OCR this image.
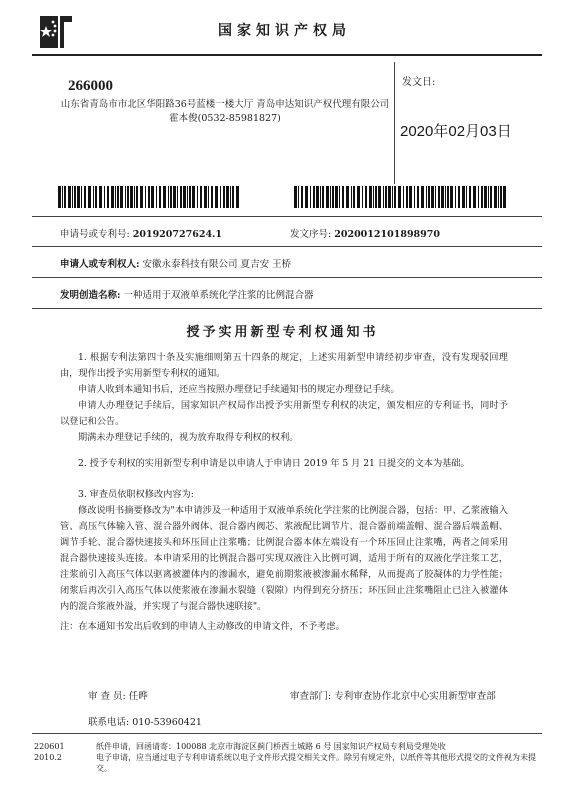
国家知识产权局
266000
山东省青岛市市北区华阳路36号蓝楼一楼大厅 青岛申达知识产权代理有限公司
霍本俊(0532-85981827)
发文日:
2020年02月03日
申请号或专利号: 201920727624.1	发文序号: 2020012101898970
申请人或专利权人: 安徽永泰科技有限公司 夏吉安 王桥
发明创造名称: 一种适用于双液单系统化学注浆的比例混合器
授予实用新型专利权通知书

1. 根据专利法第四十条及实施细则第五十四条的规定，上述实用新型申请经初步审查，没有发现驳回理由，现作出授予实用新型专利权的通知。

申请人收到本通知书后，还应当按照办理登记手续通知书的规定办理登记手续。

申请人办理登记手续后，国家知识产权局作出授予实用新型专利权的决定，颁发相应的专利证书，同时予以登记和公告。

期满未办理登记手续的，视为放弃取得专利权的权利。

2. 授予专利权的实用新型专利申请是以申请人于申请日 2019 年 5 月 21 日提交的文本为基础。

3. 审查员依职权修改内容为:

修改说明书摘要修改为"本申请涉及一种适用于双液单系统化学注浆的比例混合器，包括：甲、乙浆液输入管、高压气体输入管、混合器外阀体、混合器内阀芯、浆液配比调节片、混合器前端盖帽、混合器后端盖帽、调节手轮、混合器快速接头和环压回止注浆嘴；比例混合器本体左端设有一个环压回止注浆嘴，两者之间采用混合器快速接头连接。本申请采用的比例混合器可实现双液注入比例可调，适用于所有的双液化学注浆工艺，注浆前引入高压气体以驱离被灌体内的渗漏水，避免前期浆液被渗漏水稀释，从而提高了胶凝体的力学性能；闭浆后再次引入高压气体以使浆液在渗漏水裂缝（裂隙）内得到充分挤压；环压回止注浆嘴阻止已注入被灌体内的混合浆液外溢，并实现了与混合器快速联接"。

注：在本通知书发出后收到的申请人主动修改的申请文件，不予考虑。

审 查 员: 任晔	审查部门: 专利审查协作北京中心实用新型审查部
联系电话: 010-53960421
220601
2010.2
纸件申请，回函请寄：100088 北京市海淀区蓟门桥西土城路 6 号 国家知识产权局专利局受理处收
电子申请，应当通过电子专利申请系统以电子文件形式提交相关文件。除另有规定外，以纸件等其他形式提交的文件视为未提交。
